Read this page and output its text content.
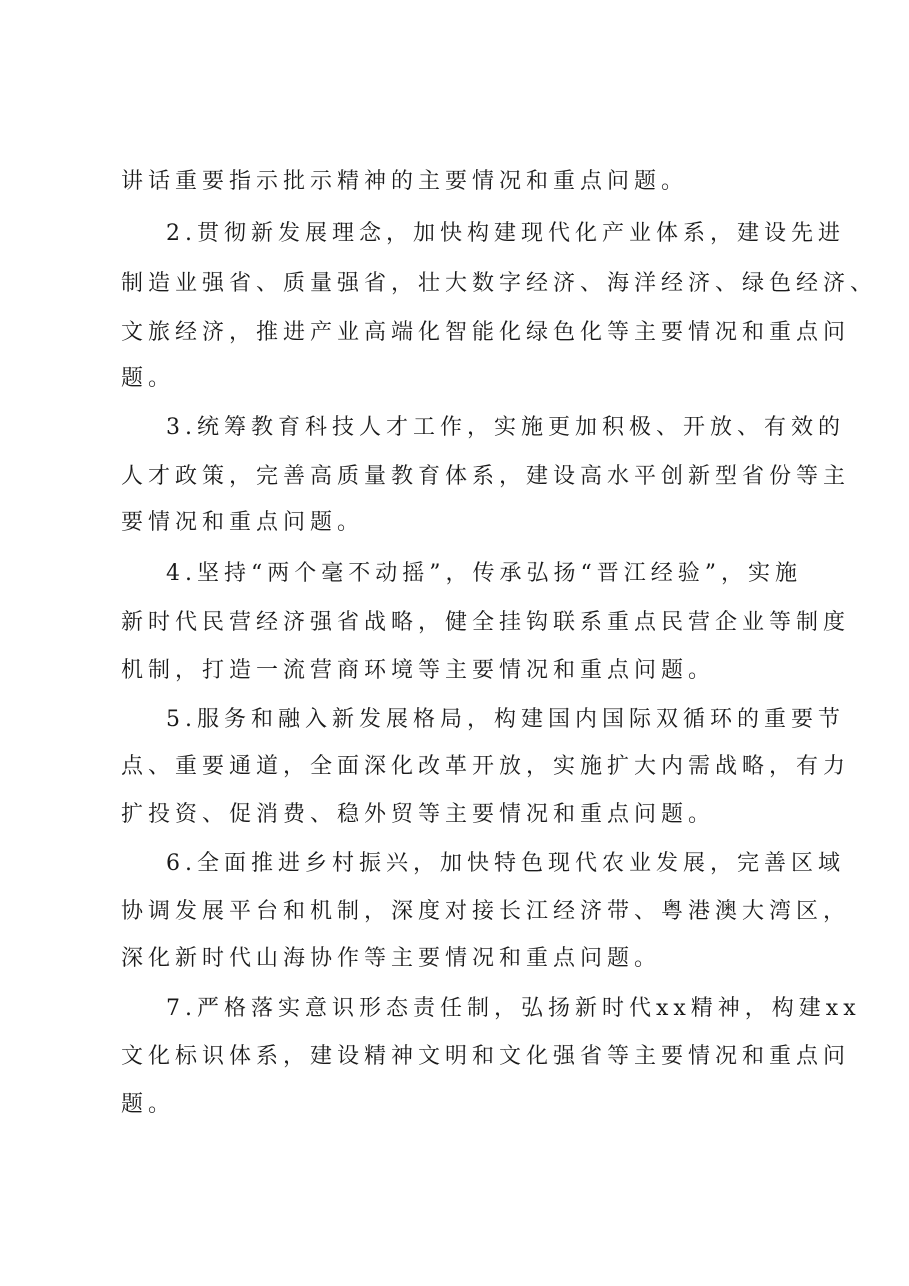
讲话重要指示批示精神的主要情况和重点问题。
2.贯彻新发展理念，加快构建现代化产业体系，建设先进
制造业强省、质量强省，壮大数字经济、海洋经济、绿色经济、
文旅经济，推进产业高端化智能化绿色化等主要情况和重点问
题。
3.统筹教育科技人才工作，实施更加积极、开放、有效的
人才政策，完善高质量教育体系，建设高水平创新型省份等主
要情况和重点问题。
4.坚持“两个毫不动摇”，传承弘扬“晋江经验”，实施
新时代民营经济强省战略，健全挂钩联系重点民营企业等制度
机制，打造一流营商环境等主要情况和重点问题。
5.服务和融入新发展格局，构建国内国际双循环的重要节
点、重要通道，全面深化改革开放，实施扩大内需战略，有力
扩投资、促消费、稳外贸等主要情况和重点问题。
6.全面推进乡村振兴，加快特色现代农业发展，完善区域
协调发展平台和机制，深度对接长江经济带、粤港澳大湾区，
深化新时代山海协作等主要情况和重点问题。
7.严格落实意识形态责任制，弘扬新时代xx精神，构建xx
文化标识体系，建设精神文明和文化强省等主要情况和重点问
题。
